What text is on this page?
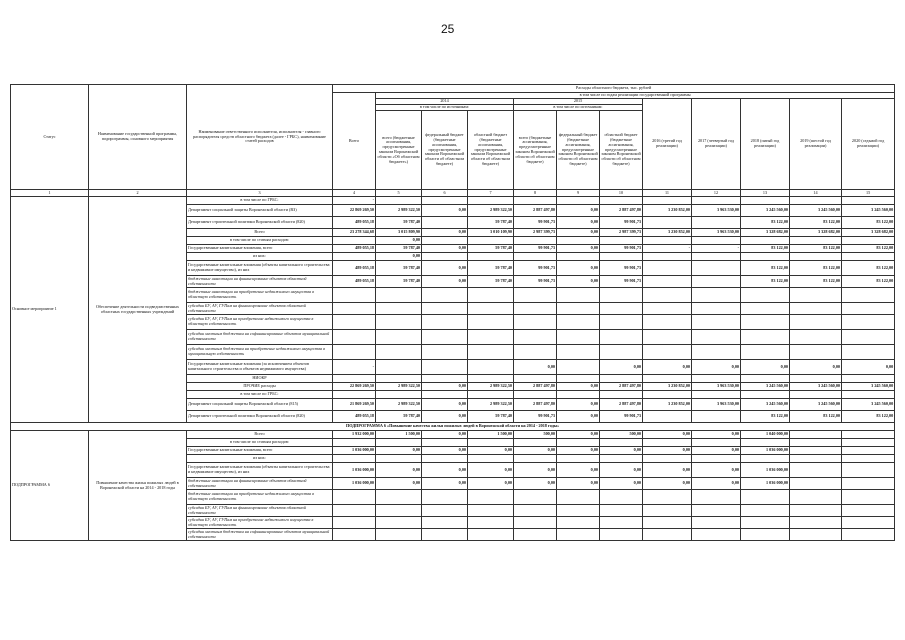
25
Статус	Наименование государственной программы, подпрограммы, основного мероприятия	Наименование ответственного исполнителя, исполнителя - главного распорядителя средств областного бюджета (далее - ГРБС), наименование статей расходов	Расходы областного бюджета, тыс. рублей											
			Всего	в том числе по годам реализации государственной программы										
				2014			2015			2016 (третий год реализации)	2017 (четвертый год реализации)	2018 (пятый год реализации)	2019 (шестой год реализации)	2020 (седьмой год реализации)
				в том числе по источникам:			в том числе по источникам:							
				всего (бюджетные ассигнования, предусмотренные законом Воронежской области «Об областном бюджете»)	федеральный бюджет (бюджетные ассигнования, предусмотренные законом Воронежской области об областном бюджете)	областной бюджет (бюджетные ассигнования, предусмотренные законом Воронежской области об областном бюджете)	всего (бюджетные ассигнования, предусмотренные законом Воронежской области об областном бюджете)	федеральный бюджет (бюджетные ассигнования, предусмотренные законом Воронежской области об областном бюджете)	областной бюджет (бюджетные ассигнования, предусмотренные законом Воронежской области об областном бюджете)					
1	2	3	4	5	6	7	8	9	10	11	12	13	14	15
Основное мероприятие 1	Обеспечение деятельности подведомственных областных государственных учреждений	в том числе по ГРБС:	-											
		Департамент социальной защиты Воронежской области (ВЗ)	22 869 269,50	2 989 322,50	0,00	2 989 322,50	2 887 497,80	0,00	2 887 497,80	3 230 852,00	3 963 530,00	3 245 560,00	3 245 560,00	3 245 560,00
		Департамент строительной политики Воронежской области (820)	489 055,18	59 787,40		59 787,40	99 901,73	0,00	99 901,73			83 122,00	83 122,00	83 122,00
		Всего	23 278 344,68	3 015 809,90	0,00	3 010 109,90	2 987 399,73	0,00	2 987 399,73	3 230 852,00	3 963 530,00	3 328 682,00	3 328 682,00	3 328 682,00
		в том числе по статьям расходов:		0,00										
		Государственные капитальные вложения, всего	489 055,18	59 787,40	0,00	59 787,40	99 901,73	0,00	99 901,73	-	-	83 122,00	83 122,00	83 122,00
		из них:		0,00										
		Государственные капитальные вложения (объекты капитального строительства и недвижимое имущество), из них	489 055,18	59 787,40	0,00	59 787,40	99 901,73	0,00	99 901,73			83 122,00	83 122,00	83 122,00
		бюджетные инвестиции на финансирование объектов областной собственности	489 055,18	59 787,40	0,00	59 787,40	99 901,73	0,00	99 901,73			83 122,00	83 122,00	83 122,00
		бюджетные инвестиции на приобретение недвижимого имущества в областную собственность												
		субсидии БУ, АУ, ГУПам на финансирование объектов областной собственности												
		субсидии БУ, АУ, ГУПам на приобретение недвижимого имущества в областную собственность												
		субсидии местным бюджетам на софинансирование объектов муниципальной собственности												
		субсидии местным бюджетам на приобретение недвижимого имущества в муниципальную собственность												
		Государственные капитальные вложения (за исключением объектов капитального строительства и объектов недвижимого имущества)	-				0,00		0,00	0,00	0,00	0,00	0,00	0,00
		НИОКР												
		ПРОЧИЕ расходы	22 869 269,50	2 989 322,50	0,00	2 989 322,50	2 887 497,80	0,00	2 887 497,80	3 230 852,00	3 963 530,00	3 245 560,00	3 245 560,00	3 245 560,00
		в том числе по ГРБС:												
		Департамент социальной защиты Воронежской области (815)	21 869 269,50	2 989 322,50	0,00	2 989 322,50	2 887 497,80	0,00	2 887 497,80	3 230 852,00	3 963 530,00	3 245 560,00	3 245 560,00	3 245 560,00
		Департамент строительной политики Воронежской области (820)	489 055,18	59 787,40	0,00	59 787,40	99 901,73	0,00	99 901,73			83 122,00	83 122,00	83 122,00
ПОДПРОГРАММА 6 «Повышение качества жилья пожилых людей в Воронежской области на 2014 - 2018 годы»														
ПОДПРОГРАММА 6	Повышение качества жилья пожилых людей в Воронежской области на 2014 - 2018 годы	Всего	1 932 000,00	1 500,00	0,00	1 500,00	500,00	0,00	500,00	0,00	0,00	1 040 000,00		
		в том числе по статьям расходов:												
		Государственные капитальные вложения, всего	1 036 000,00	0,00	0,00	0,00	0,00	0,00	0,00	0,00	0,00	1 036 000,00		
		из них:												
		Государственные капитальные вложения (объекты капитального строительства и недвижимое имущество), из них	1 036 000,00	0,00	0,00	0,00	0,00	0,00	0,00	0,00	0,00	1 036 000,00		
		бюджетные инвестиции на финансирование объектов областной собственности	1 036 000,00	0,00	0,00	0,00	0,00	0,00	0,00	0,00	0,00	1 036 000,00		
		бюджетные инвестиции на приобретение недвижимого имущества в областную собственность												
		субсидии БУ, АУ, ГУПам на финансирование объектов областной собственности												
		субсидии БУ, АУ, ГУПам на приобретение недвижимого имущества в областную собственность												
		субсидии местным бюджетам на софинансирование объектов муниципальной собственности												
